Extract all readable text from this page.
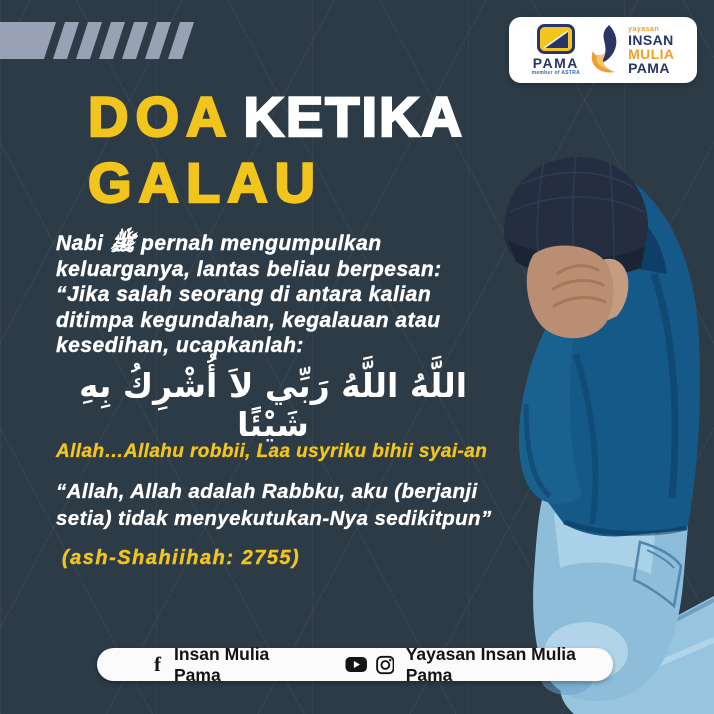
PAMA
member of ASTRA
yayasan
INSAN
MULIA
PAMA
DOA KETIKA
GALAU
Nabi ﷺ pernah mengumpulkan
keluarganya, lantas beliau berpesan:
“Jika salah seorang di antara kalian
ditimpa kegundahan, kegalauan atau
kesedihan, ucapkanlah:
اللَّهُ اللَّهُ رَبِّي لاَ أُشْرِكُ بِهِ شَيْئًا
Allah…Allahu robbii, Laa usyriku bihii syai-an
“Allah, Allah adalah Rabbku, aku (berjanji
setia) tidak menyekutukan-Nya sedikitpun”
(ash-Shahiihah: 2755)
f Insan Mulia Pama
Yayasan Insan Mulia Pama
